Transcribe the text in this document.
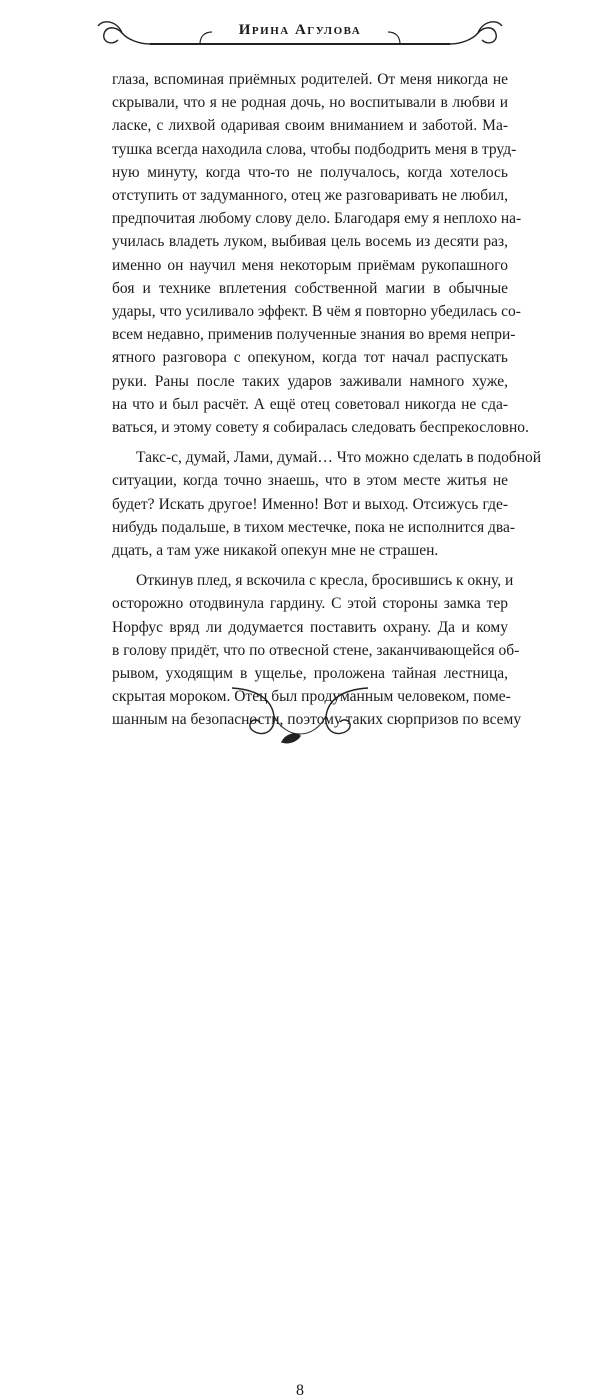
Ирина Агулова

глаза, вспоминая приёмных родителей. От меня никогда не
скрывали, что я не родная дочь, но воспитывали в любви и
ласке, с лихвой одаривая своим вниманием и заботой. Ма-
тушка всегда находила слова, чтобы подбодрить меня в труд-
ную минуту, когда что-то не получалось, когда хотелось
отступить от задуманного, отец же разговаривать не любил,
предпочитая любому слову дело. Благодаря ему я неплохо на-
училась владеть луком, выбивая цель восемь из десяти раз,
именно он научил меня некоторым приёмам рукопашного
боя и технике вплетения собственной магии в обычные
удары, что усиливало эффект. В чём я повторно убедилась со-
всем недавно, применив полученные знания во время непри-
ятного разговора с опекуном, когда тот начал распускать
руки. Раны после таких ударов заживали намного хуже,
на что и был расчёт. А ещё отец советовал никогда не сда-
ваться, и этому совету я собиралась следовать беспрекословно.

Такс-с, думай, Лами, думай… Что можно сделать в подобной
ситуации, когда точно знаешь, что в этом месте житья не
будет? Искать другое! Именно! Вот и выход. Отсижусь где-
нибудь подальше, в тихом местечке, пока не исполнится два-
дцать, а там уже никакой опекун мне не страшен.

Откинув плед, я вскочила с кресла, бросившись к окну, и
осторожно отодвинула гардину. С этой стороны замка тер
Норфус вряд ли додумается поставить охрану. Да и кому
в голову придёт, что по отвесной стене, заканчивающейся об-
рывом, уходящим в ущелье, проложена тайная лестница,
скрытая мороком. Отец был продуманным человеком, поме-
шанным на безопасности, поэтому таких сюрпризов по всему

8
